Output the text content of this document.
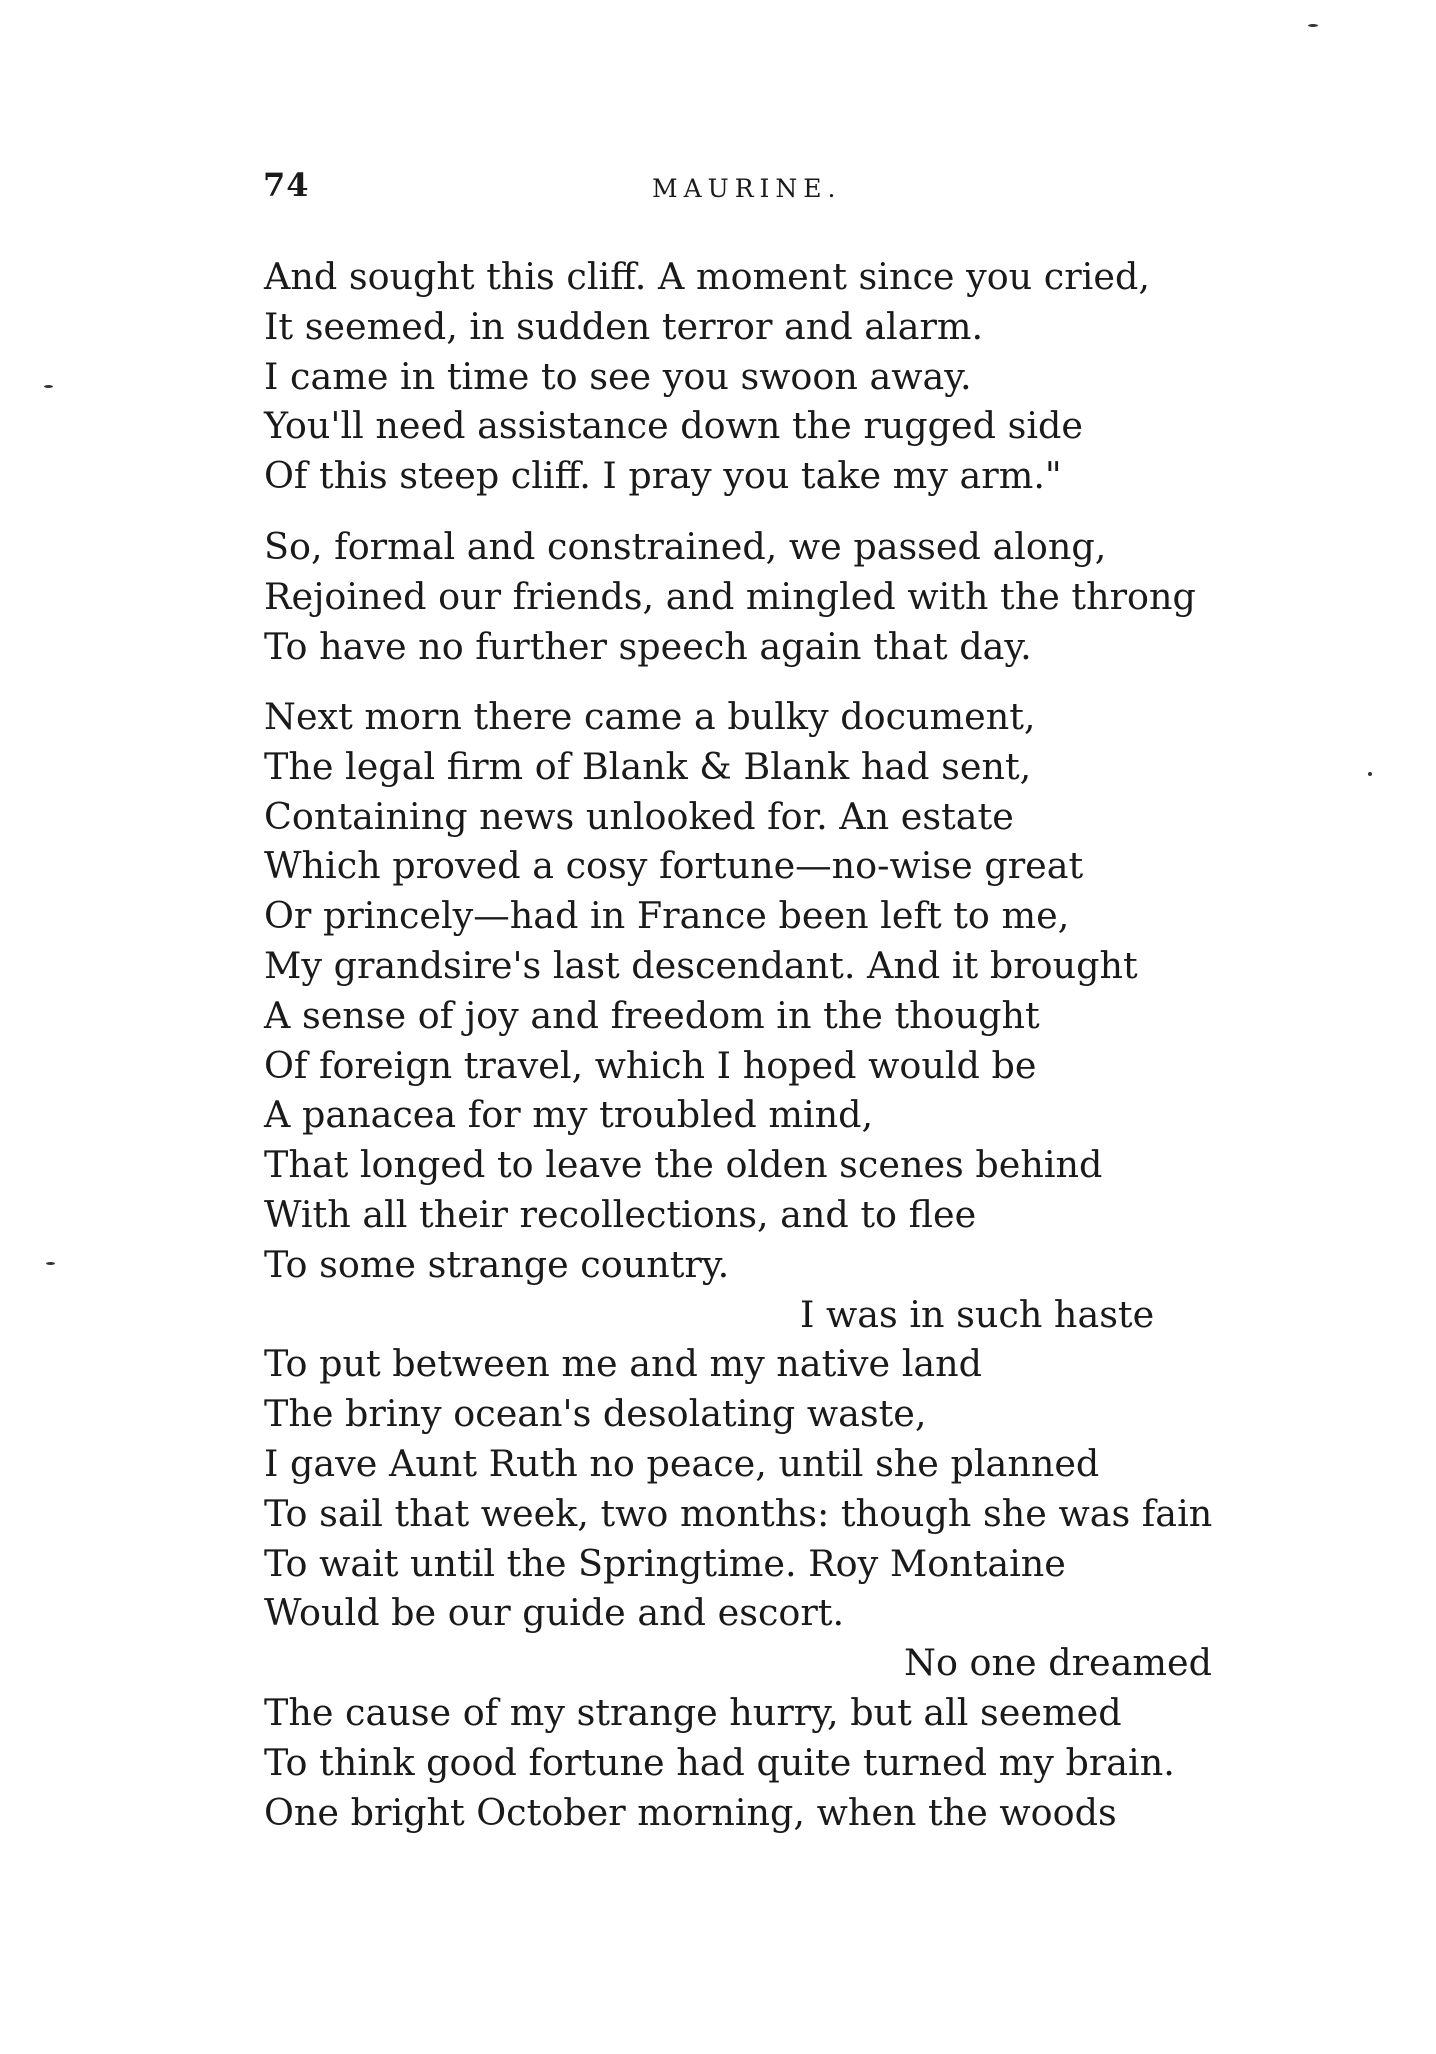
74	MAURINE.
And sought this cliff. A moment since you cried,
It seemed, in sudden terror and alarm.
I came in time to see you swoon away.
You'll need assistance down the rugged side
Of this steep cliff. I pray you take my arm."
So, formal and constrained, we passed along,
Rejoined our friends, and mingled with the throng
To have no further speech again that day.
Next morn there came a bulky document,
The legal firm of Blank & Blank had sent,
Containing news unlooked for. An estate
Which proved a cosy fortune—no-wise great
Or princely—had in France been left to me,
My grandsire's last descendant. And it brought
A sense of joy and freedom in the thought
Of foreign travel, which I hoped would be
A panacea for my troubled mind,
That longed to leave the olden scenes behind
With all their recollections, and to flee
To some strange country.
I was in such haste
To put between me and my native land
The briny ocean's desolating waste,
I gave Aunt Ruth no peace, until she planned
To sail that week, two months: though she was fain
To wait until the Springtime. Roy Montaine
Would be our guide and escort.
No one dreamed
The cause of my strange hurry, but all seemed
To think good fortune had quite turned my brain.
One bright October morning, when the woods
